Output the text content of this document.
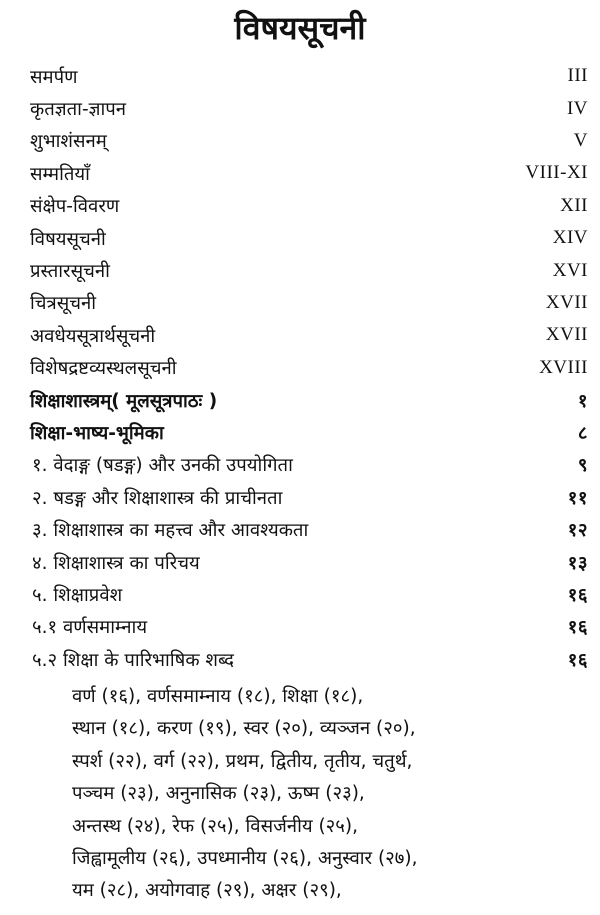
विषयसूचनी
समर्पण	III
कृतज्ञता-ज्ञापन	IV
शुभाशंसनम्	V
सम्मतियाँ	VIII-XI
संक्षेप-विवरण	XII
विषयसूचनी	XIV
प्रस्तारसूचनी	XVI
चित्रसूचनी	XVII
अवधेयसूत्रार्थसूचनी	XVII
विशेषद्रष्टव्यस्थलसूचनी	XVIII
शिक्षाशास्त्रम्( मूलसूत्रपाठः )	१
शिक्षा-भाष्य-भूमिका	८
१. वेदाङ्ग (षडङ्ग) और उनकी उपयोगिता	९
२. षडङ्ग और शिक्षाशास्त्र की प्राचीनता	११
३. शिक्षाशास्त्र का महत्त्व और आवश्यकता	१२
४. शिक्षाशास्त्र का परिचय	१३
५. शिक्षाप्रवेश	१६
५.१ वर्णसमाम्नाय	१६
५.२ शिक्षा के पारिभाषिक शब्द	१६
वर्ण (१६), वर्णसमाम्नाय (१८), शिक्षा (१८),
स्थान (१८), करण (१९), स्वर (२०), व्यञ्जन (२०),
स्पर्श (२२), वर्ग (२२), प्रथम, द्वितीय, तृतीय, चतुर्थ,
पञ्चम (२३), अनुनासिक (२३), ऊष्म (२३),
अन्तस्थ (२४), रेफ (२५), विसर्जनीय (२५),
जिह्वामूलीय (२६), उपध्मानीय (२६), अनुस्वार (२७),
यम (२८), अयोगवाह (२९), अक्षर (२९),
